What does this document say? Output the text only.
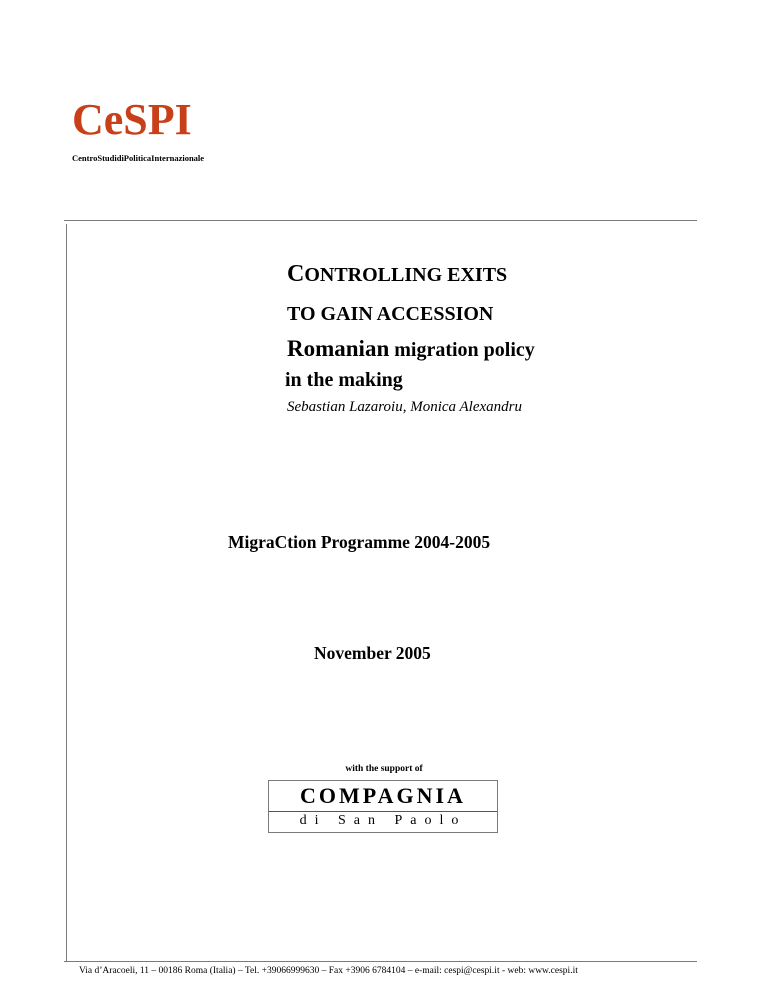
CeSPI
CentroStudidiPoliticaInternazionale
CONTROLLING EXITS
TO GAIN ACCESSION
Romanian migration policy
in the making
Sebastian Lazaroiu, Monica Alexandru
MigraCtion Programme 2004-2005
November 2005
with the support of
COMPAGNIA
di San Paolo
Via d’Aracoeli, 11 – 00186 Roma (Italia) – Tel. +39066999630 – Fax +3906 6784104 – e-mail: cespi@cespi.it - web: www.cespi.it
